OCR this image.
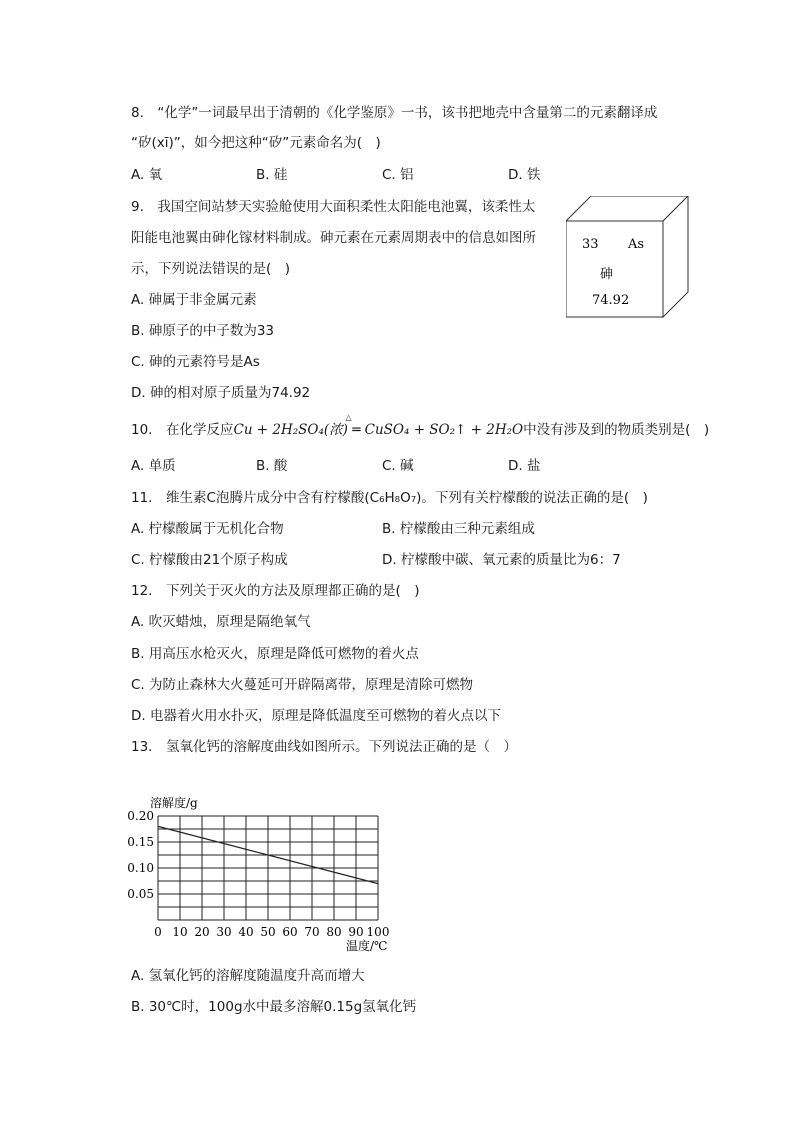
8.　“化学”一词最早出于清朝的《化学鉴原》一书，该书把地壳中含量第二的元素翻译成
“矽(xī)”，如今把这种“矽”元素命名为(　)
A. 氧	B. 硅	C. 铝	D. 铁
9.　我国空间站梦天实验舱使用大面积柔性太阳能电池翼，该柔性太
阳能电池翼由砷化镓材料制成。砷元素在元素周期表中的信息如图所
示，下列说法错误的是(　)
A. 砷属于非金属元素
B. 砷原子的中子数为33
C. 砷的元素符号是As
D. 砷的相对原子质量为74.92
33 As
砷
74.92
10.　在化学反应
△
Cu + 2H₂SO₄(浓) ═ CuSO₄ + SO₂↑ + 2H₂O中没有涉及到的物质类别是(　)
A. 单质	B. 酸	C. 碱	D. 盐
11.　维生素C泡腾片成分中含有柠檬酸(C₆H₈O₇)。下列有关柠檬酸的说法正确的是(　)
A. 柠檬酸属于无机化合物	B. 柠檬酸由三种元素组成
C. 柠檬酸由21个原子构成	D. 柠檬酸中碳、氧元素的质量比为6：7
12.　下列关于灭火的方法及原理都正确的是(　)
A. 吹灭蜡烛，原理是隔绝氧气
B. 用高压水枪灭火，原理是降低可燃物的着火点
C. 为防止森林大火蔓延可开辟隔离带，原理是清除可燃物
D. 电器着火用水扑灭，原理是降低温度至可燃物的着火点以下
13.　氢氧化钙的溶解度曲线如图所示。下列说法正确的是（　）
0 10 20 30 40 50 60 70 80 90 100
0.05
0.10
0.15
0.20
溶解度/g
温度/℃
A. 氢氧化钙的溶解度随温度升高而增大
B. 30℃时，100g水中最多溶解0.15g氢氧化钙
